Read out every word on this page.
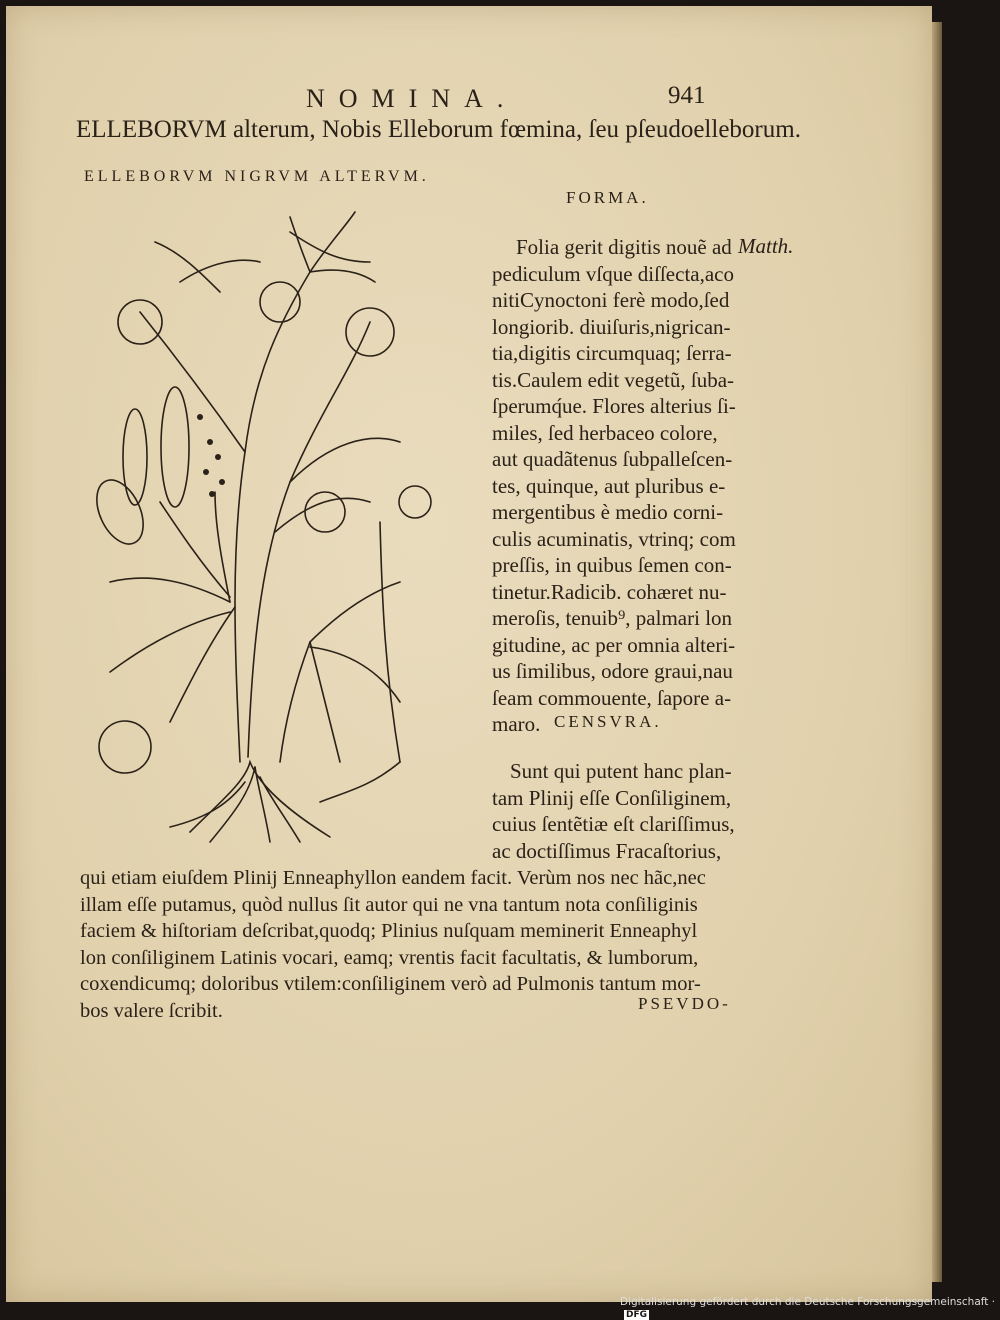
NOMINA.	941
ELLEBORVM alterum, Nobis Elleborum fœmina, ſeu pſeudoelleborum.
ELLEBORVM NIGRVM ALTERVM.
FORMA.
Matth.
Folia gerit digitis nouẽ ad
pediculum vſque diſſecta,aco
nitiCynoctoni ferè modo,ſed
longiorib. diuiſuris,nigrican-
tia,digitis circumquaq; ſerra-
tis.Caulem edit vegetũ, ſuba-
ſperumq́ue. Flores alterius ſi-
miles, ſed herbaceo colore,
aut quadãtenus ſubpalleſcen-
tes, quinque, aut pluribus e-
mergentibus è medio corni-
culis acuminatis, vtrinq; com
preſſis, in quibus ſemen con-
tinetur.Radicib. cohæret nu-
meroſis, tenuib⁹, palmari lon
gitudine, ac per omnia alteri-
us ſimilibus, odore graui,nau
ſeam commouente, ſapore a-
maro. CENSVRA.
Sunt qui putent hanc plan-
tam Plinij eſſe Conſiliginem,
cuius ſentẽtiæ eſt clariſſimus,
ac doctiſſimus Fracaſtorius,
qui etiam eiuſdem Plinij Enneaphyllon eandem facit. Verùm nos nec hãc,nec
illam eſſe putamus, quòd nullus ſit autor qui ne vna tantum nota conſiliginis
faciem & hiſtoriam deſcribat,quodq; Plinius nuſquam meminerit Enneaphyl
lon conſiliginem Latinis vocari, eamq; vrentis facit facultatis, & lumborum,
coxendicumq; doloribus vtilem:conſiliginem verò ad Pulmonis tantum mor-
bos valere ſcribit.	PSEVDO-
Digitalisierung gefördert durch die Deutsche Forschungsgemeinschaft · DFG
